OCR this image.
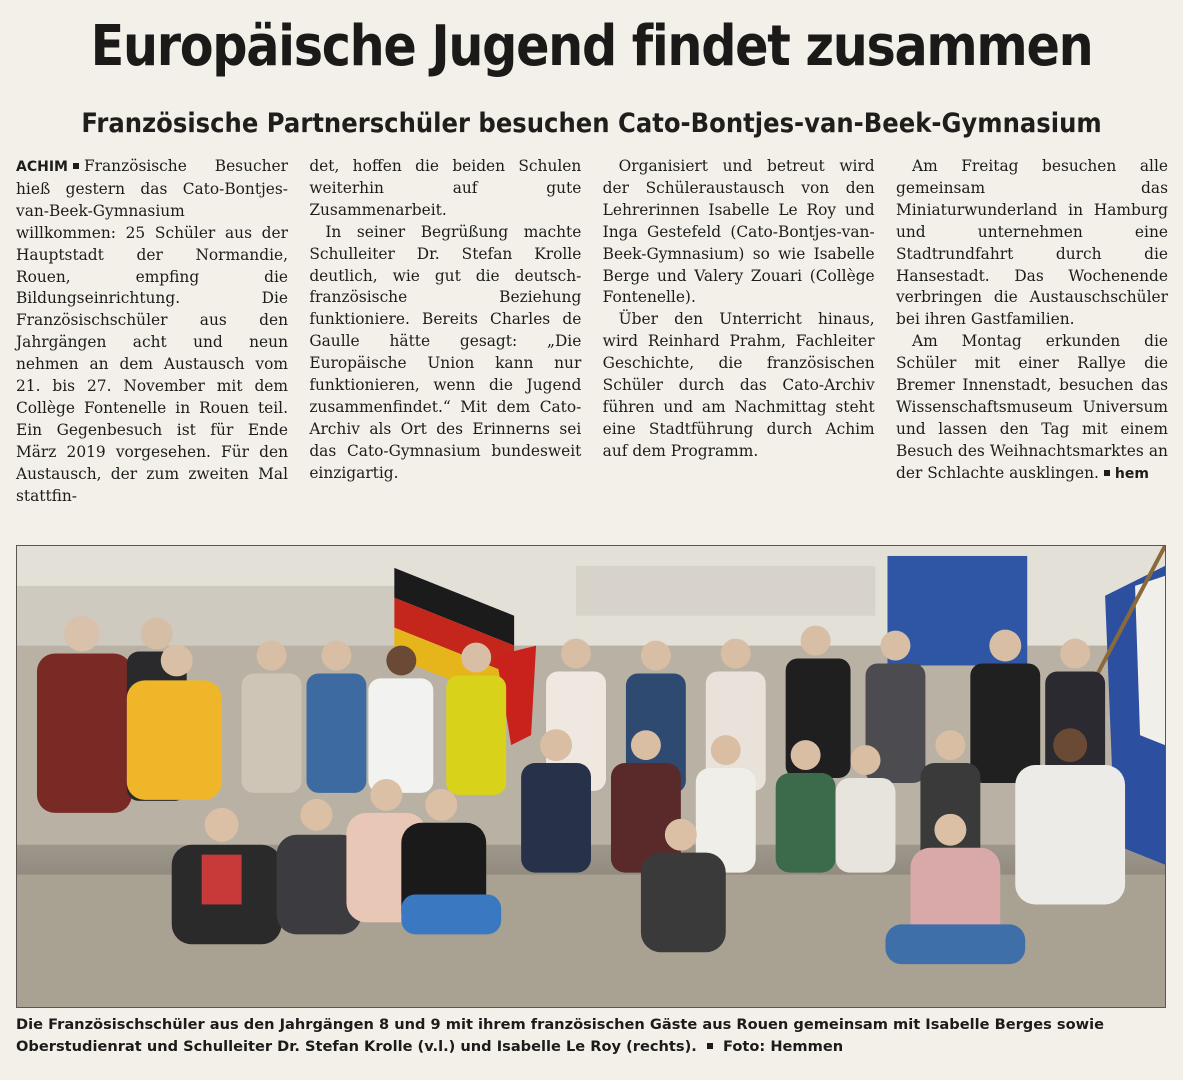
Europäische Jugend findet zusammen
Französische Partnerschüler besuchen Cato-Bontjes-van-Beek-Gymnasium

ACHIM Französische Besucher hieß gestern das Cato-Bontjes-van-Beek-Gymnasium willkommen: 25 Schüler aus der Hauptstadt der Normandie, Rouen, empfing die Bildungseinrichtung. Die Französischschüler aus den Jahrgängen acht und neun nehmen an dem Austausch vom 21. bis 27. November mit dem Collège Fontenelle in Rouen teil. Ein Gegenbesuch ist für Ende März 2019 vorgesehen. Für den Austausch, der zum zweiten Mal stattfin-

det, hoffen die beiden Schulen weiterhin auf gute Zusammenarbeit.

In seiner Begrüßung machte Schulleiter Dr. Stefan Krolle deutlich, wie gut die deutsch-französische Beziehung funktioniere. Bereits Charles de Gaulle hätte gesagt: „Die Europäische Union kann nur funktionieren, wenn die Jugend zusammenfindet.“ Mit dem Cato-Archiv als Ort des Erinnerns sei das Cato-Gymnasium bundesweit einzigartig.

Organisiert und betreut wird der Schüleraustausch von den Lehrerinnen Isabelle Le Roy und Inga Gestefeld (Cato-Bontjes-van-Beek-Gymnasium) so wie Isabelle Berge und Valery Zouari (Collège Fontenelle).

Über den Unterricht hinaus, wird Reinhard Prahm, Fachleiter Geschichte, die französischen Schüler durch das Cato-Archiv führen und am Nachmittag steht eine Stadtführung durch Achim auf dem Programm.

Am Freitag besuchen alle gemeinsam das Miniaturwunderland in Hamburg und unternehmen eine Stadtrundfahrt durch die Hansestadt. Das Wochenende verbringen die Austauschschüler bei ihren Gastfamilien.

Am Montag erkunden die Schüler mit einer Rallye die Bremer Innenstadt, besuchen das Wissenschaftsmuseum Universum und lassen den Tag mit einem Besuch des Weihnachtsmarktes an der Schlachte ausklingen. hem

Die Französischschüler aus den Jahrgängen 8 und 9 mit ihrem französischen Gäste aus Rouen gemeinsam mit Isabelle Berges sowie Oberstudienrat und Schulleiter Dr. Stefan Krolle (v.l.) und Isabelle Le Roy (rechts). Foto: Hemmen
